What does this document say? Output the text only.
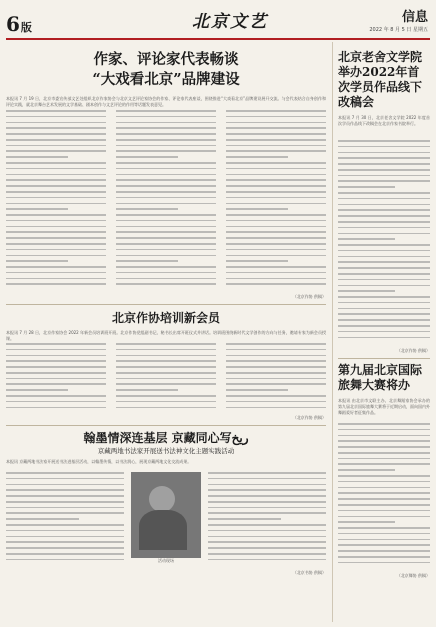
6版	北京文艺	信息
2022 年 8 月 5 日 星期五
作家、评论家代表畅谈
“大戏看北京”品牌建设
本报讯 7 月 19 日，北京市委宣传部文艺处组织北京作家协会与北京文艺评论家协会的作家、评论家代表座谈，围绕推进“大戏看北京”品牌建设展开交流。与会代表结合自身创作和评论实践，就北京舞台艺术发展的文学基础、剧本创作与文艺评论的作用等话题发表意见。
（北京作协 供稿）
北京作协培训新会员
本报讯 7 月 28 日，北京作家协会 2022 年新会员培训班开班。北京作协党组副书记、秘书长出席开班仪式并讲话。培训班围绕新时代文学创作的方向与任务，邀请专家为新会员授课。
（北京作协 供稿）
翰墨情深连基层 京藏同心写ريخ
京藏两地书法家开展送书法神文化主题实践活动
本报讯 京藏两地书法家开展送书法进基层活动，以翰墨传情，以书法润心，展现京藏两地文化交流成果。
活动现场
（北京书协 供稿）
北京老舍文学院举办2022年首次学员作品线下改稿会
本报讯 7 月 30 日，北京老舍文学院 2022 年度首次学员作品线下改稿会在北京作家书院举行。
（北京作协 供稿）
第九届北京国际旅舞大赛将办
本报讯 由北京市文联主办、北京舞蹈家协会承办的第九届北京国际旅舞大赛将于近期启动，面向国内外舞蹈爱好者征集作品。
（北京舞协 供稿）
